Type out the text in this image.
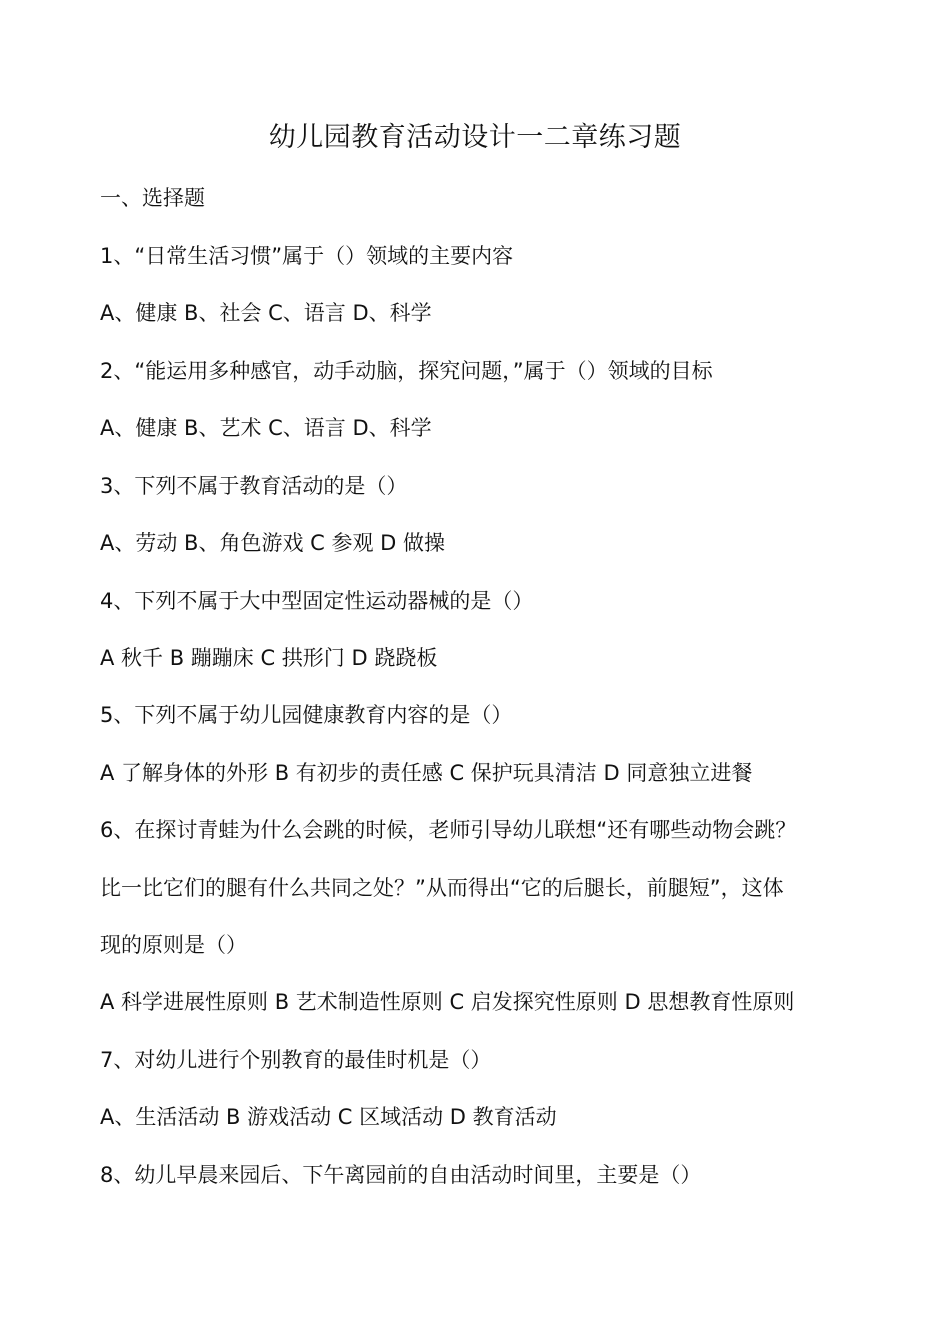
幼儿园教育活动设计一二章练习题
一、选择题
1、“日常生活习惯”属于（）领域的主要内容
A、健康 B、社会 C、语言 D、科学
2、“能运用多种感官，动手动脑，探究问题，”属于（）领域的目标
A、健康 B、艺术 C、语言 D、科学
3、下列不属于教育活动的是（）
A、劳动 B、角色游戏 C 参观 D 做操
4、下列不属于大中型固定性运动器械的是（）
A 秋千 B 蹦蹦床 C 拱形门 D 跷跷板
5、下列不属于幼儿园健康教育内容的是（）
A 了解身体的外形 B 有初步的责任感 C 保护玩具清洁 D 同意独立进餐
6、在探讨青蛙为什么会跳的时候，老师引导幼儿联想“还有哪些动物会跳？
比一比它们的腿有什么共同之处？”从而得出“它的后腿长，前腿短”，这体
现的原则是（）
A 科学进展性原则 B 艺术制造性原则 C 启发探究性原则 D 思想教育性原则
7、对幼儿进行个别教育的最佳时机是（）
A、生活活动 B 游戏活动 C 区域活动 D 教育活动
8、幼儿早晨来园后、下午离园前的自由活动时间里，主要是（）
